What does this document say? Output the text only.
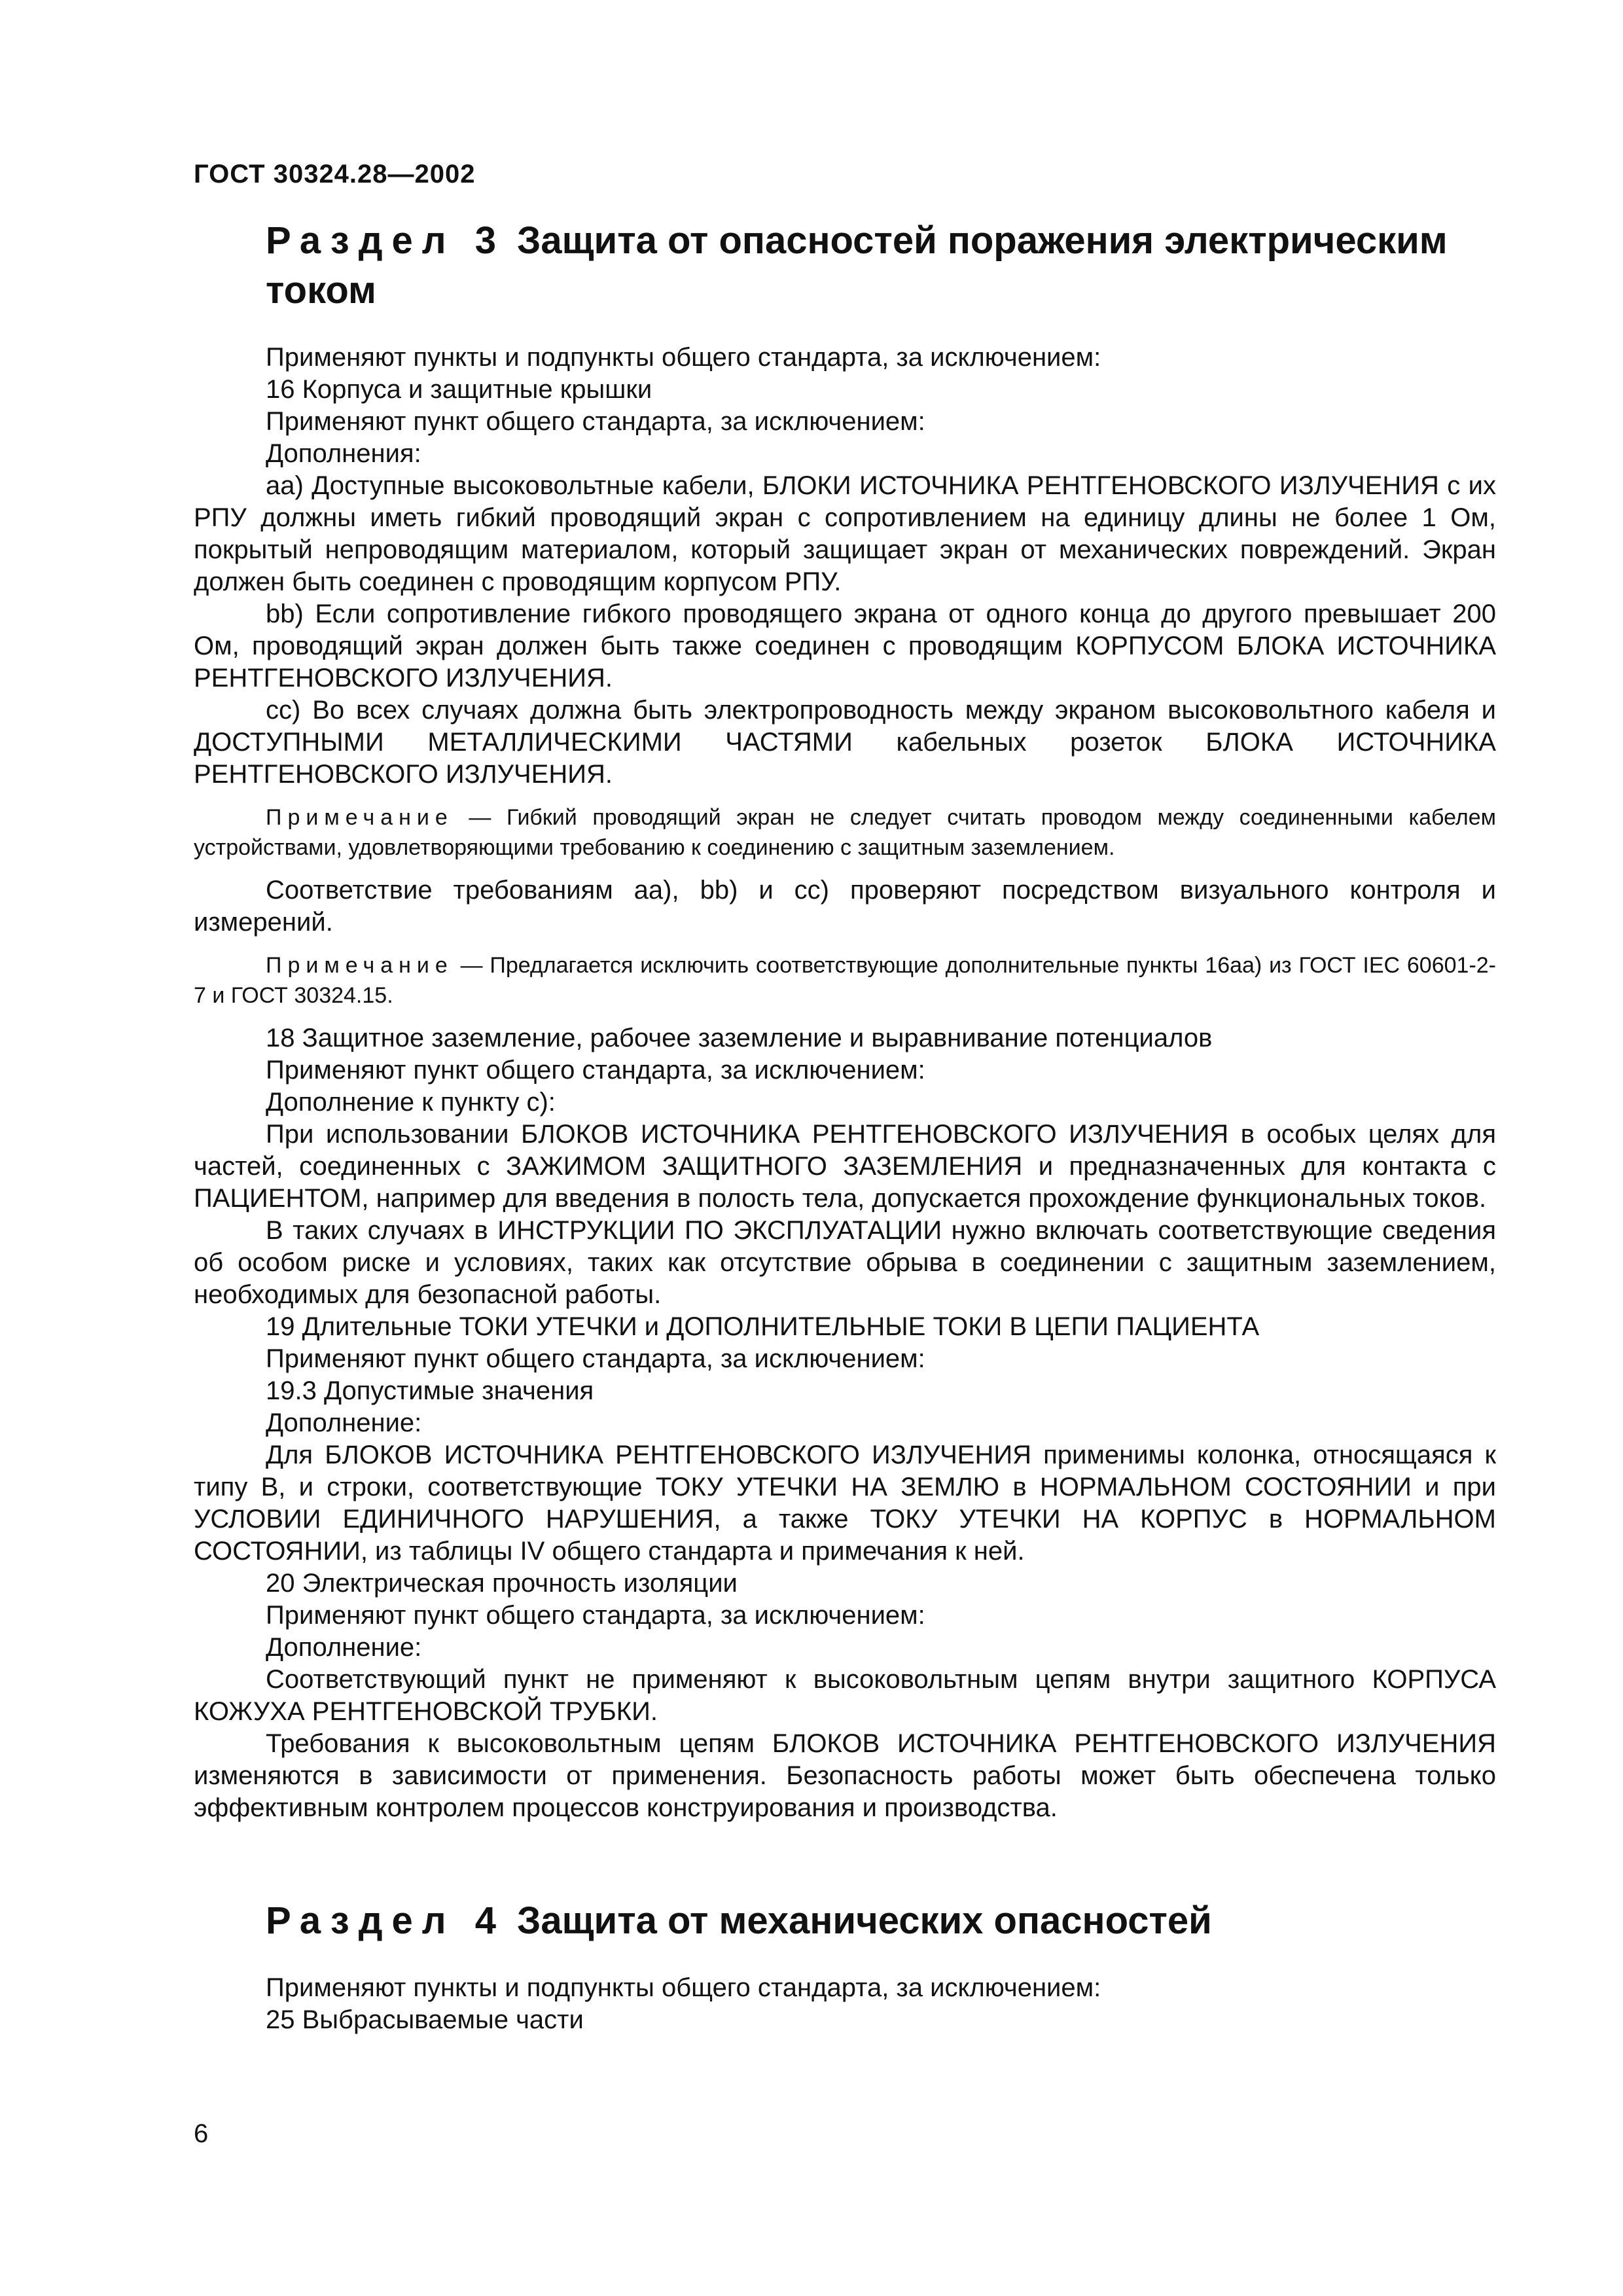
ГОСТ 30324.28—2002
Раздел 3 Защита от опасностей поражения электрическим током

Применяют пункты и подпункты общего стандарта, за исключением:

16 Корпуса и защитные крышки

Применяют пункт общего стандарта, за исключением:

Дополнения:

аа) Доступные высоковольтные кабели, БЛОКИ ИСТОЧНИКА РЕНТГЕНОВСКОГО ИЗЛУЧЕНИЯ с их РПУ должны иметь гибкий проводящий экран с сопротивлением на единицу длины не более 1 Ом, покрытый непроводящим материалом, который защищает экран от механических повреждений. Экран должен быть соединен с проводящим корпусом РПУ.

bb) Если сопротивление гибкого проводящего экрана от одного конца до другого превышает 200 Ом, проводящий экран должен быть также соединен с проводящим КОРПУСОМ БЛОКА ИСТОЧНИКА РЕНТГЕНОВСКОГО ИЗЛУЧЕНИЯ.

сс) Во всех случаях должна быть электропроводность между экраном высоковольтного кабеля и ДОСТУПНЫМИ МЕТАЛЛИЧЕСКИМИ ЧАСТЯМИ кабельных розеток БЛОКА ИСТОЧНИКА РЕНТГЕНОВСКОГО ИЗЛУЧЕНИЯ.

Примечание — Гибкий проводящий экран не следует считать проводом между соединенными кабелем устройствами, удовлетворяющими требованию к соединению с защитным заземлением.

Соответствие требованиям аа), bb) и сс) проверяют посредством визуального контроля и измерений.

Примечание — Предлагается исключить соответствующие дополнительные пункты 16аа) из ГОСТ IEC 60601-2-7 и ГОСТ 30324.15.

18 Защитное заземление, рабочее заземление и выравнивание потенциалов

Применяют пункт общего стандарта, за исключением:

Дополнение к пункту с):

При использовании БЛОКОВ ИСТОЧНИКА РЕНТГЕНОВСКОГО ИЗЛУЧЕНИЯ в особых целях для частей, соединенных с ЗАЖИМОМ ЗАЩИТНОГО ЗАЗЕМЛЕНИЯ и предназначенных для контакта с ПАЦИЕНТОМ, например для введения в полость тела, допускается прохождение функциональных токов.

В таких случаях в ИНСТРУКЦИИ ПО ЭКСПЛУАТАЦИИ нужно включать соответствующие сведения об особом риске и условиях, таких как отсутствие обрыва в соединении с защитным заземлением, необходимых для безопасной работы.

19 Длительные ТОКИ УТЕЧКИ и ДОПОЛНИТЕЛЬНЫЕ ТОКИ В ЦЕПИ ПАЦИЕНТА

Применяют пункт общего стандарта, за исключением:

19.3 Допустимые значения

Дополнение:

Для БЛОКОВ ИСТОЧНИКА РЕНТГЕНОВСКОГО ИЗЛУЧЕНИЯ применимы колонка, относящаяся к типу В, и строки, соответствующие ТОКУ УТЕЧКИ НА ЗЕМЛЮ в НОРМАЛЬНОМ СОСТОЯНИИ и при УСЛОВИИ ЕДИНИЧНОГО НАРУШЕНИЯ, а также ТОКУ УТЕЧКИ НА КОРПУС в НОРМАЛЬНОМ СОСТОЯНИИ, из таблицы IV общего стандарта и примечания к ней.

20 Электрическая прочность изоляции

Применяют пункт общего стандарта, за исключением:

Дополнение:

Соответствующий пункт не применяют к высоковольтным цепям внутри защитного КОРПУСА КОЖУХА РЕНТГЕНОВСКОЙ ТРУБКИ.

Требования к высоковольтным цепям БЛОКОВ ИСТОЧНИКА РЕНТГЕНОВСКОГО ИЗЛУЧЕНИЯ изменяются в зависимости от применения. Безопасность работы может быть обеспечена только эффективным контролем процессов конструирования и производства.

Раздел 4 Защита от механических опасностей

Применяют пункты и подпункты общего стандарта, за исключением:

25 Выбрасываемые части

6
